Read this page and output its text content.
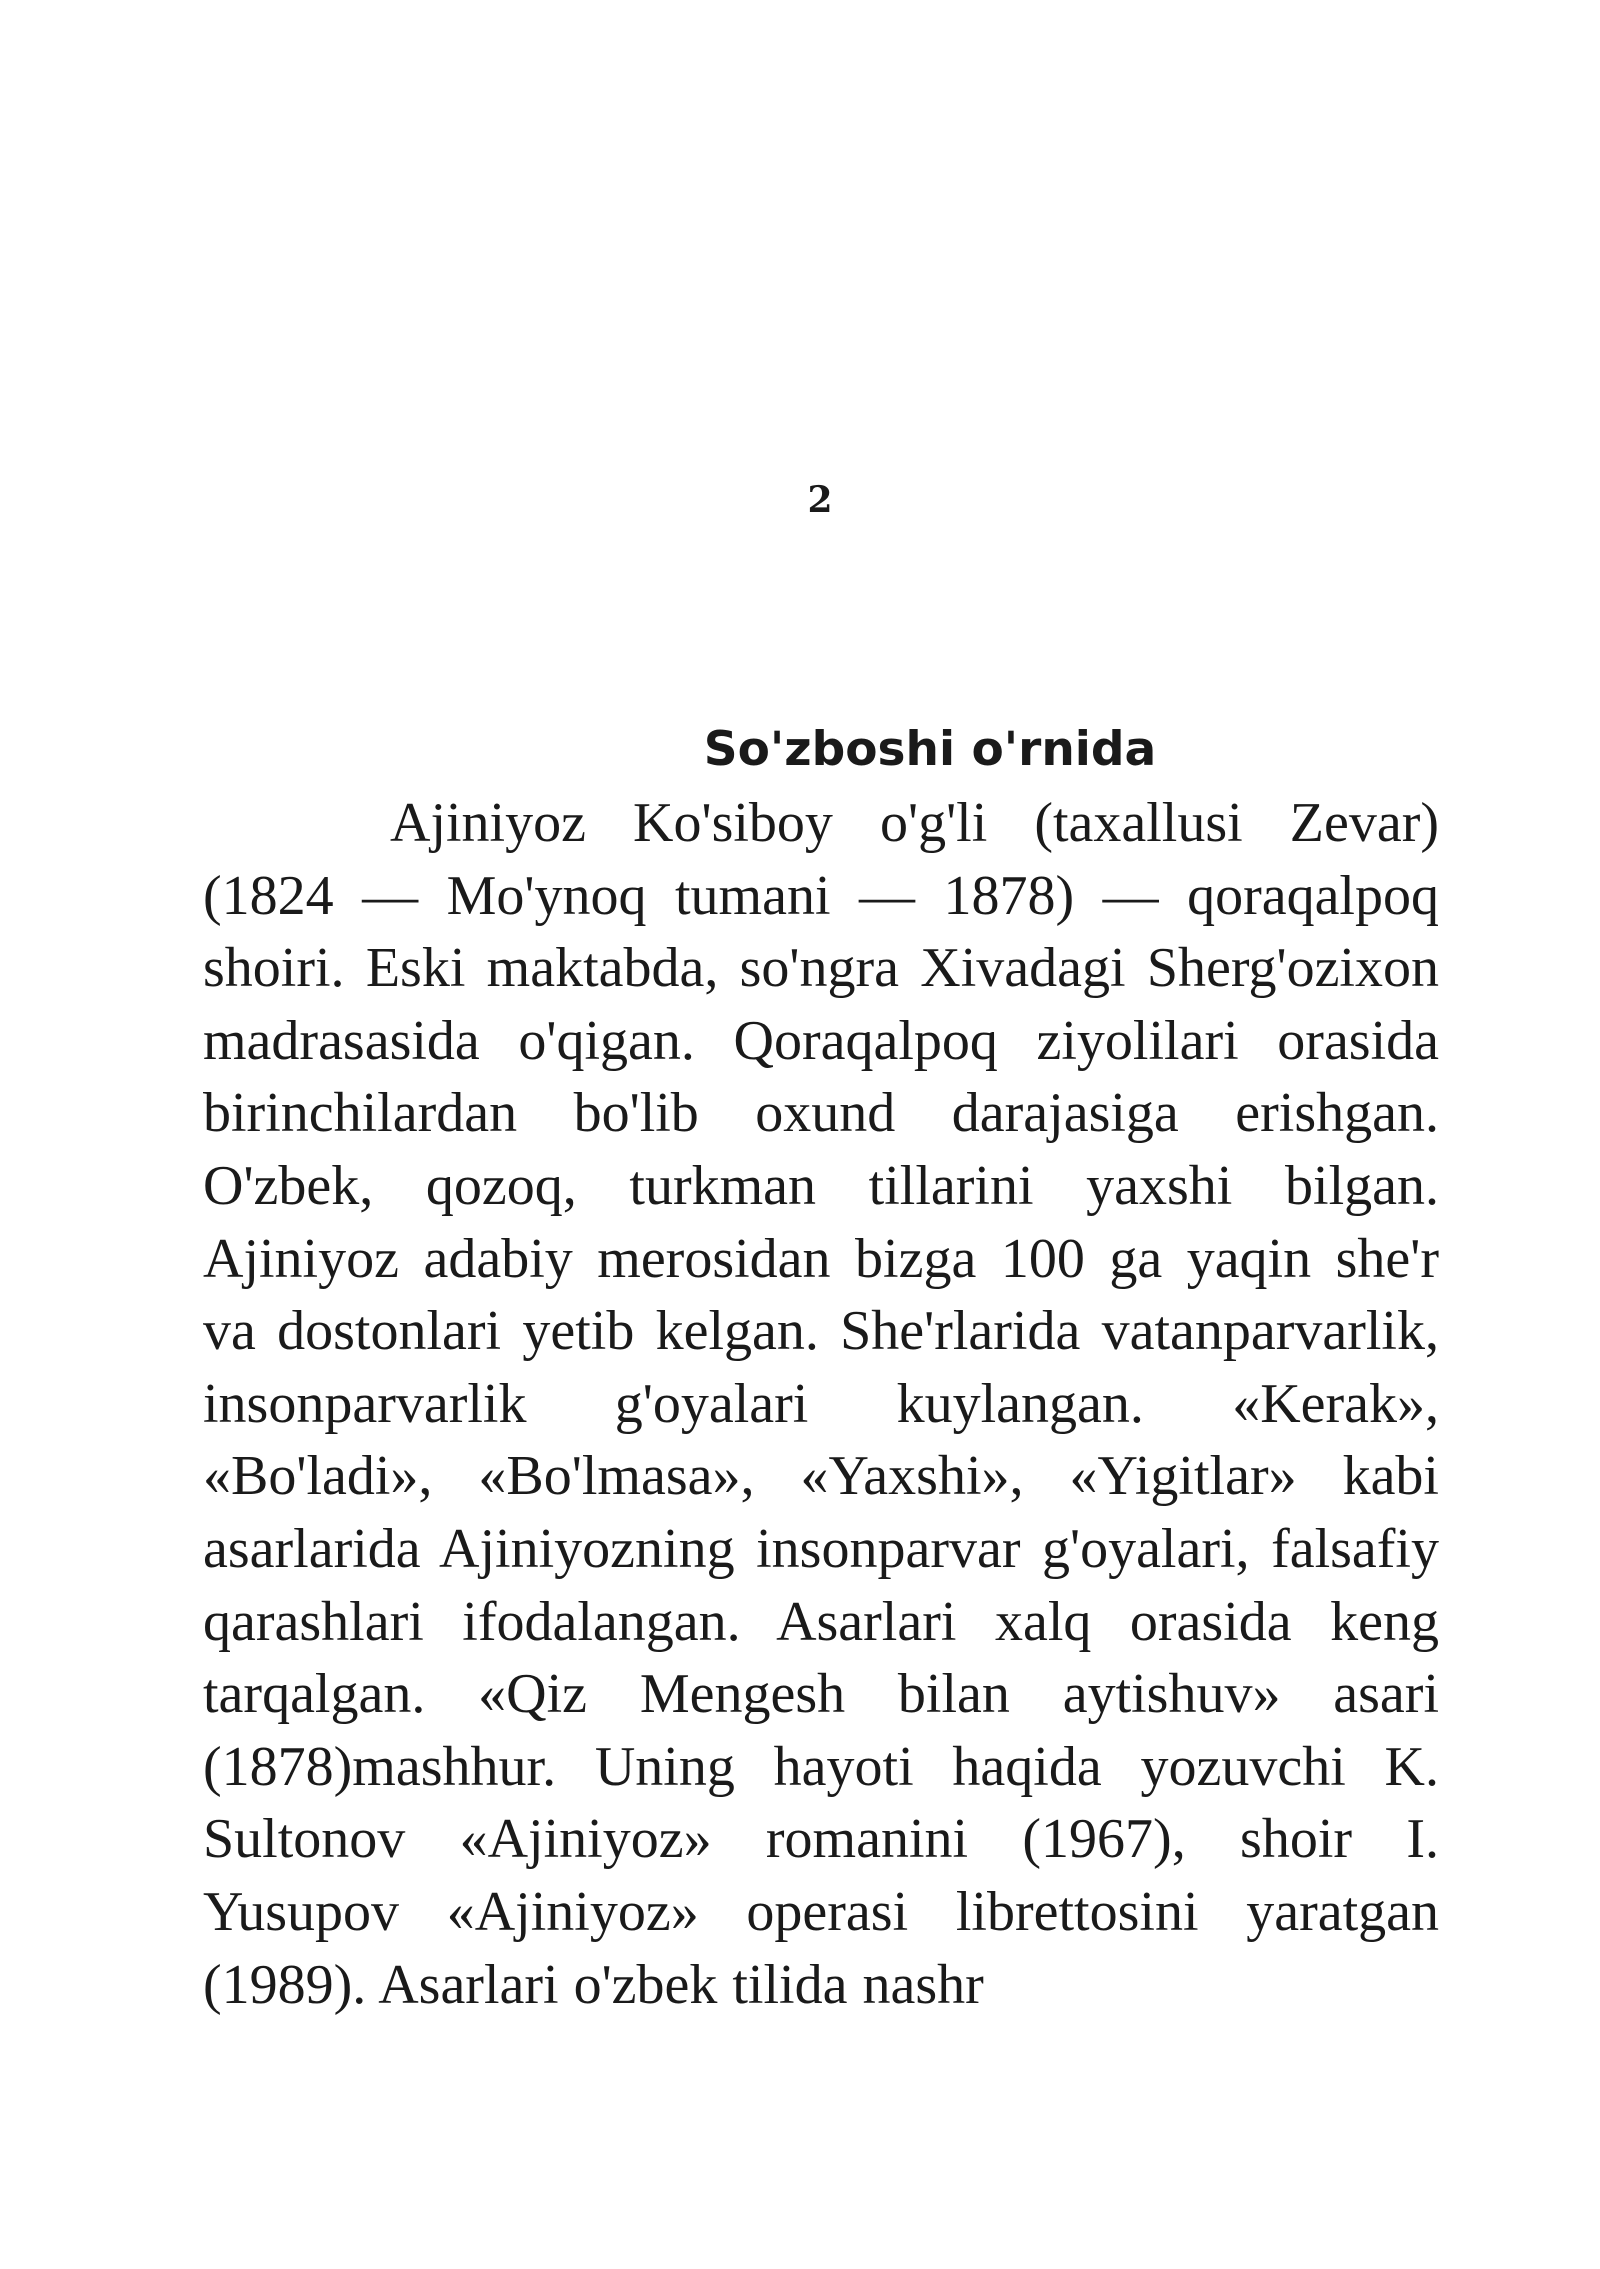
2
So'zboshi o'rnida

Ajiniyoz Ko'siboy o'g'li (taxallusi Zevar) (1824 — Mo'ynoq tumani — 1878) — qoraqalpoq shoiri. Eski maktabda, so'ngra Xivadagi Sherg'ozixon madrasasida o'qigan. Qoraqalpoq ziyolilari orasida birinchilardan bo'lib oxund darajasiga erishgan. O'zbek, qozoq, turkman tillarini yaxshi bilgan. Ajiniyoz adabiy merosidan bizga 100 ga yaqin she'r va dostonlari yetib kelgan. She'rlarida vatanparvarlik, insonparvarlik g'oyalari kuylangan. «Kerak», «Bo'ladi», «Bo'lmasa», «Yaxshi», «Yigitlar» kabi asarlarida Ajiniyozning insonparvar g'oyalari, falsafiy qarashlari ifodalangan. Asarlari xalq orasida keng tarqalgan. «Qiz Mengesh bilan aytishuv» asari (1878)mashhur. Uning hayoti haqida yozuvchi K. Sultonov «Ajiniyoz» romanini (1967), shoir I. Yusupov «Ajiniyoz» operasi librettosini yaratgan (1989). Asarlari o'zbek tilida nashr
